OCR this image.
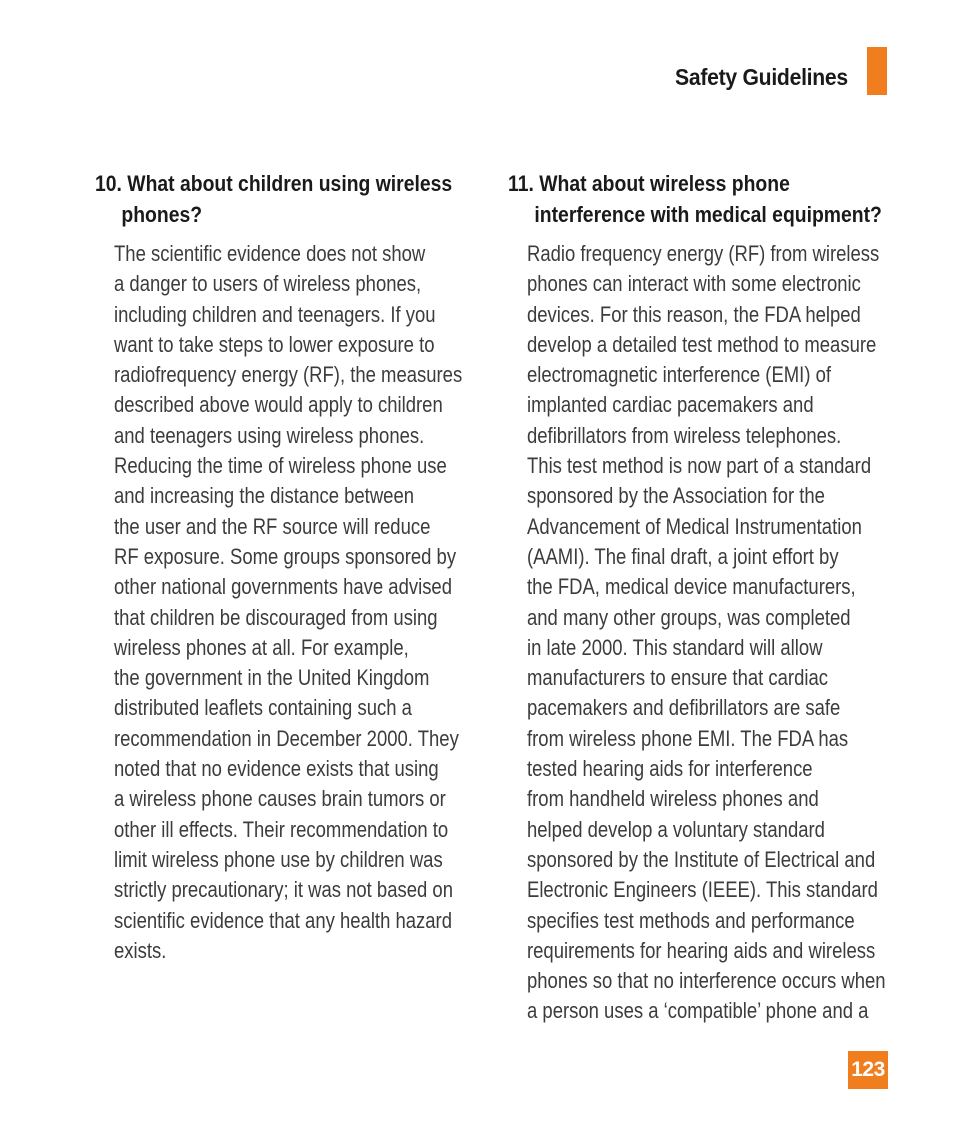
Safety Guidelines
10. What about children using wireless
phones?
The scientific evidence does not show
a danger to users of wireless phones,
including children and teenagers. If you
want to take steps to lower exposure to
radiofrequency energy (RF), the measures
described above would apply to children
and teenagers using wireless phones.
Reducing the time of wireless phone use
and increasing the distance between
the user and the RF source will reduce
RF exposure. Some groups sponsored by
other national governments have advised
that children be discouraged from using
wireless phones at all. For example,
the government in the United Kingdom
distributed leaflets containing such a
recommendation in December 2000. They
noted that no evidence exists that using
a wireless phone causes brain tumors or
other ill effects. Their recommendation to
limit wireless phone use by children was
strictly precautionary; it was not based on
scientific evidence that any health hazard
exists.
11. What about wireless phone
interference with medical equipment?
Radio frequency energy (RF) from wireless
phones can interact with some electronic
devices. For this reason, the FDA helped
develop a detailed test method to measure
electromagnetic interference (EMI) of
implanted cardiac pacemakers and
defibrillators from wireless telephones.
This test method is now part of a standard
sponsored by the Association for the
Advancement of Medical Instrumentation
(AAMI). The final draft, a joint effort by
the FDA, medical device manufacturers,
and many other groups, was completed
in late 2000. This standard will allow
manufacturers to ensure that cardiac
pacemakers and defibrillators are safe
from wireless phone EMI. The FDA has
tested hearing aids for interference
from handheld wireless phones and
helped develop a voluntary standard
sponsored by the Institute of Electrical and
Electronic Engineers (IEEE). This standard
specifies test methods and performance
requirements for hearing aids and wireless
phones so that no interference occurs when
a person uses a ‘compatible’ phone and a
123
